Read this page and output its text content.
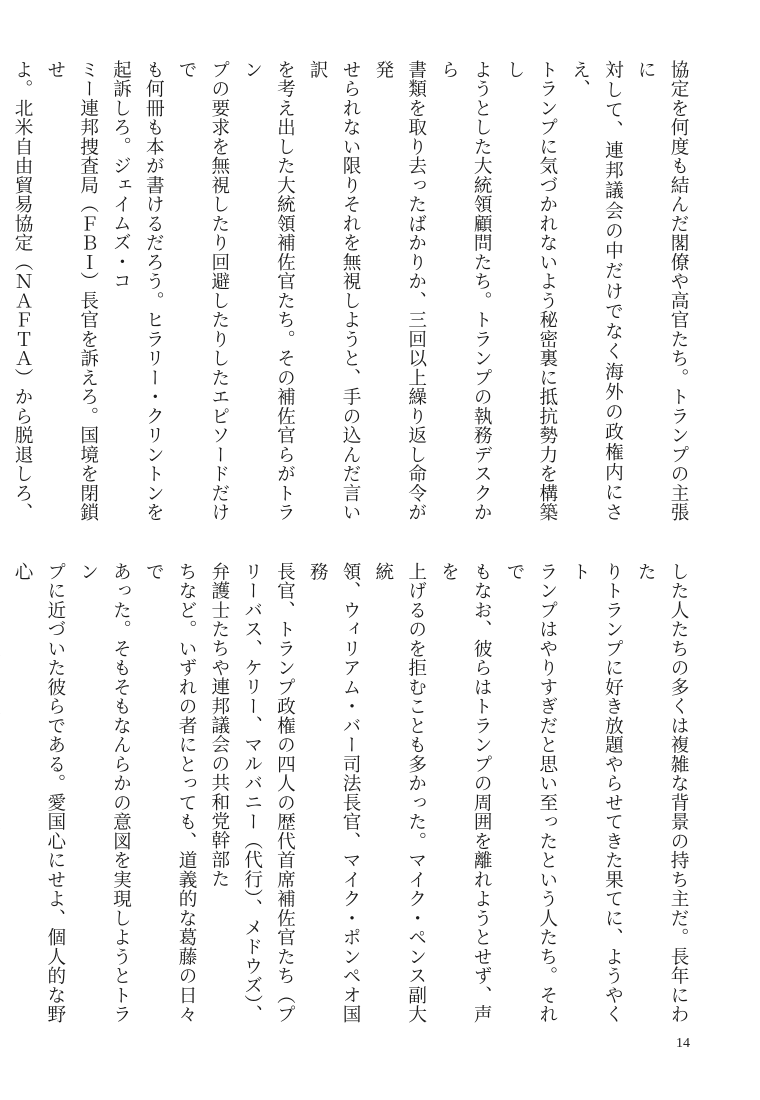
協定を何度も結んだ閣僚や高官たち。トランプの主張に

対して、連邦議会の中だけでなく海外の政権内にさえ、

トランプに気づかれないよう秘密裏に抵抗勢力を構築し

ようとした大統領顧問たち。トランプの執務デスクから

書類を取り去ったばかりか、三回以上繰り返し命令が発

せられない限りそれを無視しようと、手の込んだ言い訳

を考え出した大統領補佐官たち。その補佐官らがトラン

プの要求を無視したり回避したりしたエピソードだけで

も何冊も本が書けるだろう。ヒラリー・クリントンを起訴しろ。ジェイムズ・コ

ミー連邦捜査局（ＦＢＩ）長官を訴えろ。国境を閉鎖せ

よ。北米自由貿易協定（ＮＡＦＴＡ）から脱退しろ、

した人たちの多くは複雑な背景の持ち主だ。長年にわた

りトランプに好き放題やらせてきた果てに、ようやくト

ランプはやりすぎだと思い至ったという人たち。それで

もなお、彼らはトランプの周囲を離れようとせず、声を

上げるのを拒むことも多かった。マイク・ペンス副大統

領、ウィリアム・バー司法長官、マイク・ポンペオ国務

長官、トランプ政権の四人の歴代首席補佐官たち（プリーバス、ケリー、マルバニー（代行）、メドウズ）、弁護士たちや連邦議会の共和党幹部た

ちなど。いずれの者にとっても、道義的な葛藤の日々で

あった。そもそもなんらかの意図を実現しようとトラン

プに近づいた彼らである。愛国心にせよ、個人的な野心

14
